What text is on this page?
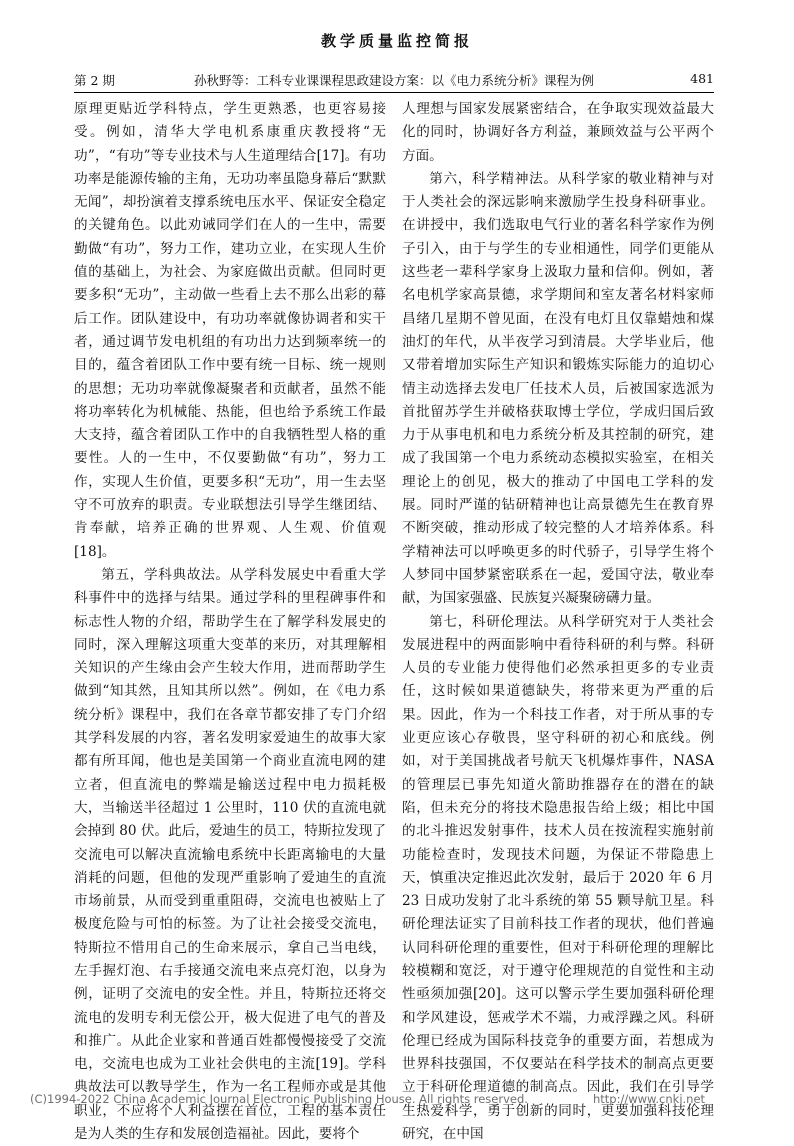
教学质量监控简报
第 2 期	孙秋野等：工科专业课课程思政建设方案：以《电力系统分析》课程为例	481

原理更贴近学科特点，学生更熟悉，也更容易接受。例如，清华大学电机系康重庆教授将“无功”，“有功”等专业技术与人生道理结合[17]。有功功率是能源传输的主角，无功功率虽隐身幕后“默默无闻”，却扮演着支撑系统电压水平、保证安全稳定的关键角色。以此劝诫同学们在人的一生中，需要勤做“有功”，努力工作，建功立业，在实现人生价值的基础上，为社会、为家庭做出贡献。但同时更要多积“无功”，主动做一些看上去不那么出彩的幕后工作。团队建设中，有功功率就像协调者和实干者，通过调节发电机组的有功出力达到频率统一的目的，蕴含着团队工作中要有统一目标、统一规则的思想；无功功率就像凝聚者和贡献者，虽然不能将功率转化为机械能、热能，但也给予系统工作最大支持，蕴含着团队工作中的自我牺牲型人格的重要性。人的一生中，不仅要勤做“有功”，努力工作，实现人生价值，更要多积“无功”，用一生去坚守不可放弃的职责。专业联想法引导学生继团结、肯奉献，培养正确的世界观、人生观、价值观[18]。

第五，学科典故法。从学科发展史中看重大学科事件中的选择与结果。通过学科的里程碑事件和标志性人物的介绍，帮助学生在了解学科发展史的同时，深入理解这项重大变革的来历，对其理解相关知识的产生缘由会产生较大作用，进而帮助学生做到“知其然，且知其所以然”。例如，在《电力系统分析》课程中，我们在各章节都安排了专门介绍其学科发展的内容，著名发明家爱迪生的故事大家都有所耳闻，他也是美国第一个商业直流电网的建立者，但直流电的弊端是输送过程中电力损耗极大，当输送半径超过 1 公里时，110 伏的直流电就会掉到 80 伏。此后，爱迪生的员工，特斯拉发现了交流电可以解决直流输电系统中长距离输电的大量消耗的问题，但他的发现严重影响了爱迪生的直流市场前景，从而受到重重阻碍，交流电也被贴上了极度危险与可怕的标签。为了让社会接受交流电，特斯拉不惜用自己的生命来展示，拿自己当电线，左手握灯泡、右手接通交流电来点亮灯泡，以身为例，证明了交流电的安全性。并且，特斯拉还将交流电的发明专利无偿公开，极大促进了电气的普及和推广。从此企业家和普通百姓都慢慢接受了交流电，交流电也成为工业社会供电的主流[19]。学科典故法可以教导学生，作为一名工程师亦或是其他职业，不应将个人利益摆在首位，工程的基本责任是为人类的生存和发展创造福祉。因此，要将个

人理想与国家发展紧密结合，在争取实现效益最大化的同时，协调好各方利益，兼顾效益与公平两个方面。

第六，科学精神法。从科学家的敬业精神与对于人类社会的深远影响来激励学生投身科研事业。在讲授中，我们选取电气行业的著名科学家作为例子引入，由于与学生的专业相通性，同学们更能从这些老一辈科学家身上汲取力量和信仰。例如，著名电机学家高景德，求学期间和室友著名材料家师昌绪几星期不曾见面，在没有电灯且仅靠蜡烛和煤油灯的年代，从半夜学习到清晨。大学毕业后，他又带着增加实际生产知识和锻炼实际能力的迫切心情主动选择去发电厂任技术人员，后被国家选派为首批留苏学生并破格获取博士学位，学成归国后致力于从事电机和电力系统分析及其控制的研究，建成了我国第一个电力系统动态模拟实验室，在相关理论上的创见，极大的推动了中国电工学科的发展。同时严谨的钻研精神也让高景德先生在教育界不断突破，推动形成了较完整的人才培养体系。科学精神法可以呼唤更多的时代骄子，引导学生将个人梦同中国梦紧密联系在一起，爱国守法，敬业奉献，为国家强盛、民族复兴凝聚磅礴力量。

第七，科研伦理法。从科学研究对于人类社会发展进程中的两面影响中看待科研的利与弊。科研人员的专业能力使得他们必然承担更多的专业责任，这时候如果道德缺失，将带来更为严重的后果。因此，作为一个科技工作者，对于所从事的专业更应该心存敬畏，坚守科研的初心和底线。例如，对于美国挑战者号航天飞机爆炸事件，NASA 的管理层已事先知道火箭助推器存在的潜在的缺陷，但未充分的将技术隐患报告给上级；相比中国的北斗推迟发射事件，技术人员在按流程实施射前功能检查时，发现技术问题，为保证不带隐患上天，慎重决定推迟此次发射，最后于 2020 年 6 月 23 日成功发射了北斗系统的第 55 颗导航卫星。科研伦理法证实了目前科技工作者的现状，他们普遍认同科研伦理的重要性，但对于科研伦理的理解比较模糊和宽泛，对于遵守伦理规范的自觉性和主动性亟须加强[20]。这可以警示学生要加强科研伦理和学风建设，惩戒学术不端，力戒浮躁之风。科研伦理已经成为国际科技竞争的重要方面，若想成为世界科技强国，不仅要站在科学技术的制高点更要立于科研伦理道德的制高点。因此，我们在引导学生热爱科学，勇于创新的同时，更要加强科技伦理研究，在中国

(C)1994-2022 China Academic Journal Electronic Publishing House. All rights reserved.	http://www.cnki.net
